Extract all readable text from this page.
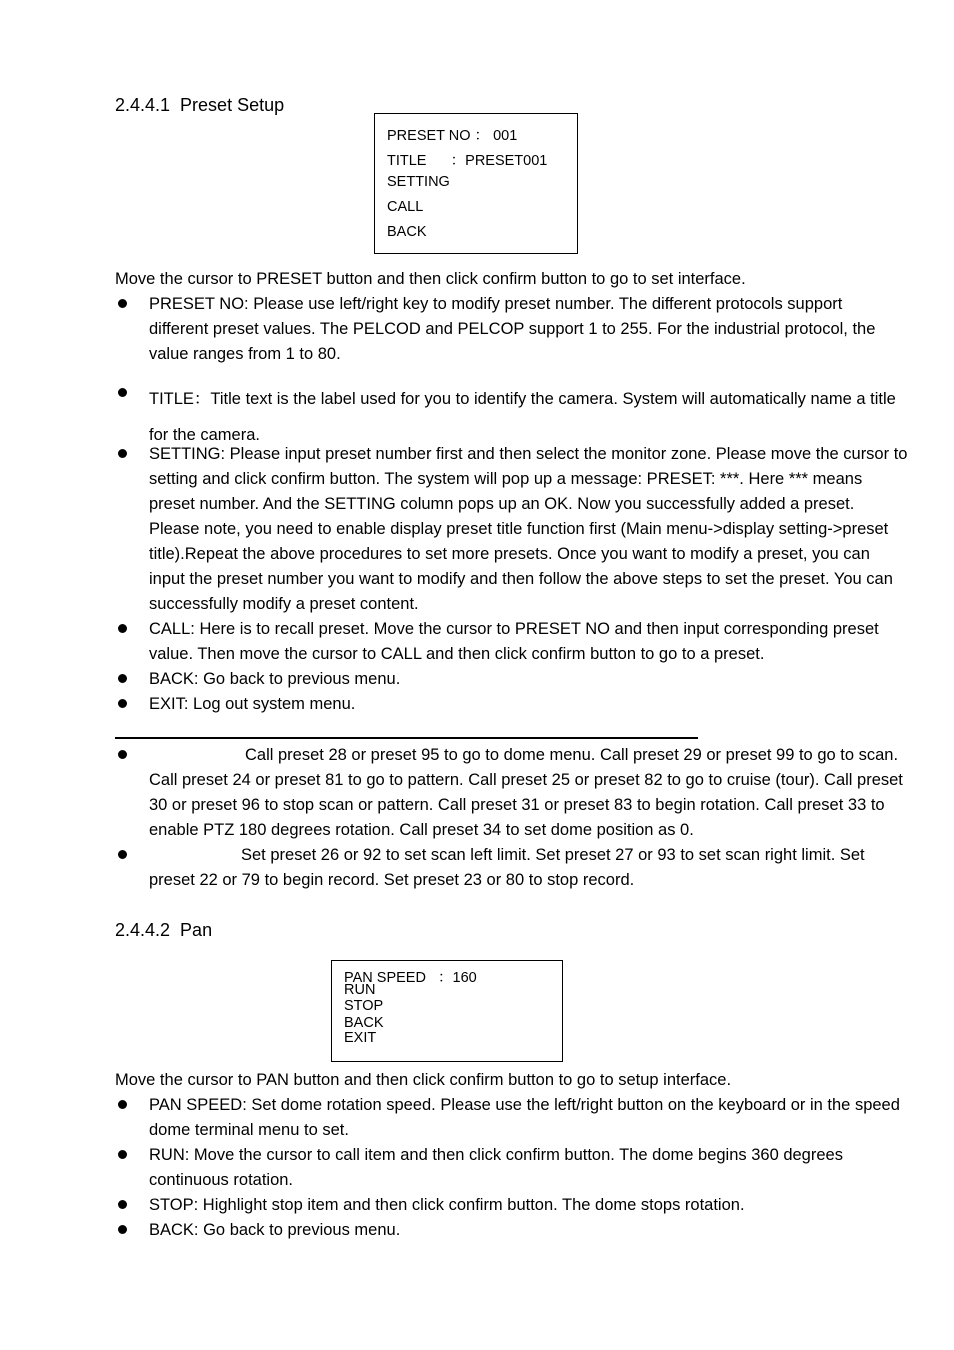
2.4.4.1  Preset Setup
PRESET NO ： 001
TITLE      ：PRESET001
SETTING
CALL
BACK
Move the cursor to PRESET button and then click confirm button to go to set interface.
PRESET NO: Please use left/right key to modify preset number. The different protocols support
different preset values. The PELCOD and PELCOP support 1 to 255. For the industrial protocol, the
value ranges from 1 to 80.
TITLE：Title text is the label used for you to identify the camera. System will automatically name a title
for the camera.
SETTING: Please input preset number first and then select the monitor zone. Please move the cursor to
setting and click confirm button. The system will pop up a message: PRESET: ***. Here *** means
preset number. And the SETTING column pops up an OK. Now you successfully added a preset.
Please note, you need to enable display preset title function first (Main menu->display setting->preset
title).Repeat the above procedures to set more presets. Once you want to modify a preset, you can
input the preset number you want to modify and then follow the above steps to set the preset. You can
successfully modify a preset content.
CALL: Here is to recall preset. Move the cursor to PRESET NO and then input corresponding preset
value. Then move the cursor to CALL and then click confirm button to go to a preset.
BACK: Go back to previous menu.
EXIT: Log out system menu.
Call preset 28 or preset 95 to go to dome menu. Call preset 29 or preset 99 to go to scan.
Call preset 24 or preset 81 to go to pattern. Call preset 25 or preset 82 to go to cruise (tour). Call preset
30 or preset 96 to stop scan or pattern. Call preset 31 or preset 83 to begin rotation. Call preset 33 to
enable PTZ 180 degrees rotation. Call preset 34 to set dome position as 0.
Set preset 26 or 92 to set scan left limit. Set preset 27 or 93 to set scan right limit. Set
preset 22 or 79 to begin record. Set preset 23 or 80 to stop record.
2.4.4.2  Pan
PAN SPEED   ：160
RUN
STOP
BACK
EXIT
Move the cursor to PAN button and then click confirm button to go to setup interface.
PAN SPEED: Set dome rotation speed. Please use the left/right button on the keyboard or in the speed
dome terminal menu to set.
RUN: Move the cursor to call item and then click confirm button. The dome begins 360 degrees
continuous rotation.
STOP: Highlight stop item and then click confirm button. The dome stops rotation.
BACK: Go back to previous menu.
